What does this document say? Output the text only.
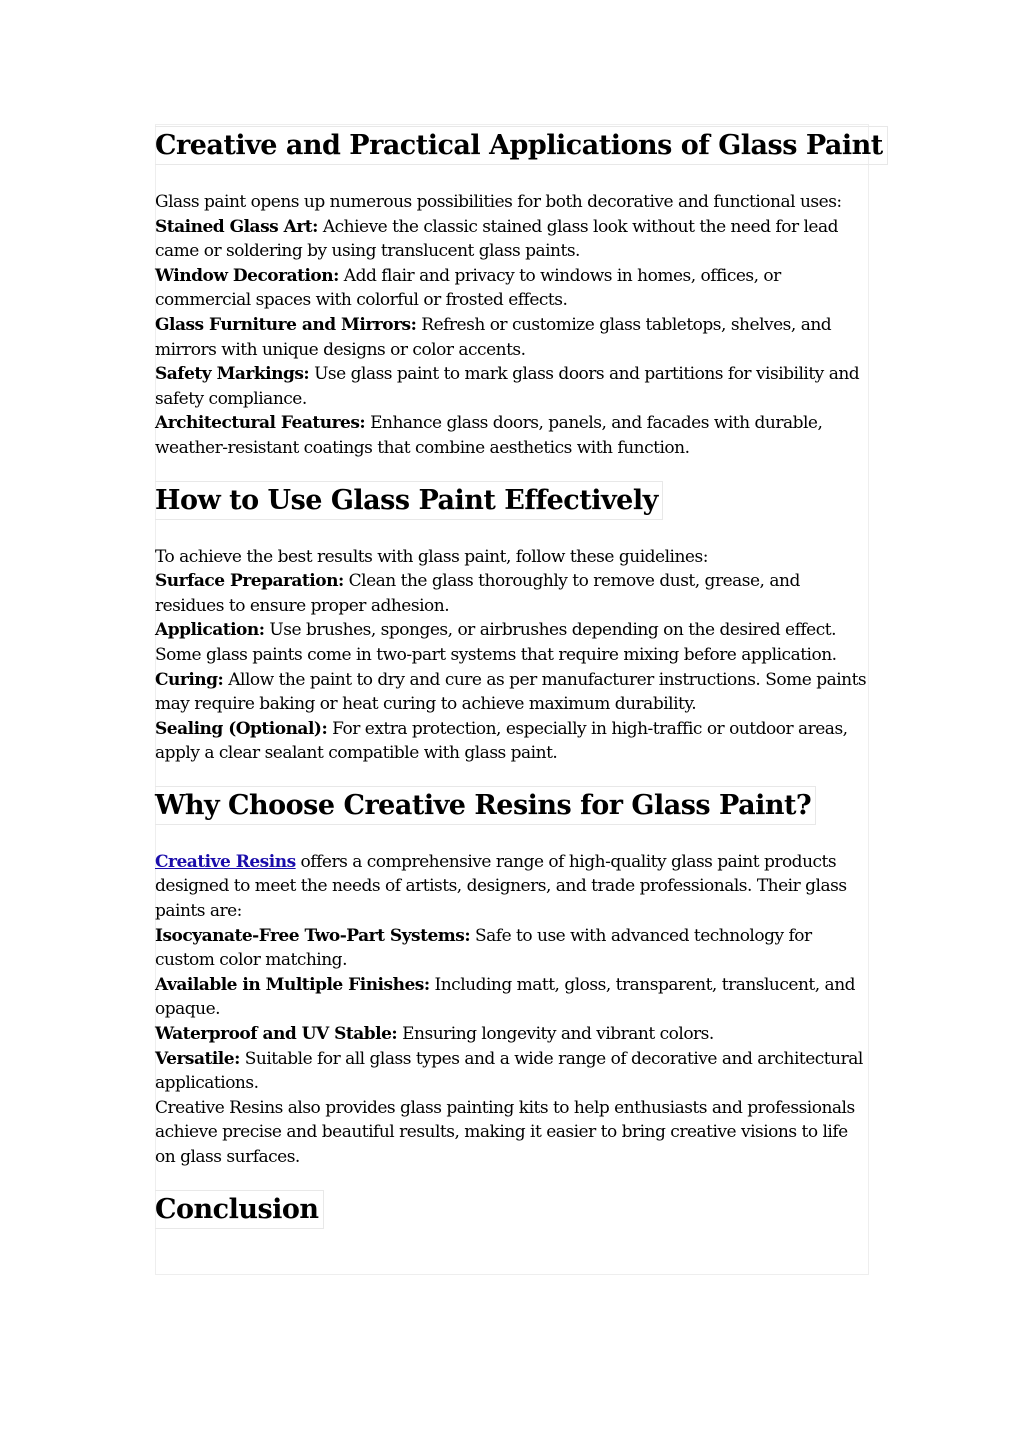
Creative and Practical Applications of Glass Paint

Glass paint opens up numerous possibilities for both decorative and functional uses:

Stained Glass Art: Achieve the classic stained glass look without the need for lead came or soldering by using translucent glass paints.

Window Decoration: Add flair and privacy to windows in homes, offices, or commercial spaces with colorful or frosted effects.

Glass Furniture and Mirrors: Refresh or customize glass tabletops, shelves, and mirrors with unique designs or color accents.

Safety Markings: Use glass paint to mark glass doors and partitions for visibility and safety compliance.

Architectural Features: Enhance glass doors, panels, and facades with durable, weather-resistant coatings that combine aesthetics with function.

How to Use Glass Paint Effectively

To achieve the best results with glass paint, follow these guidelines:

Surface Preparation: Clean the glass thoroughly to remove dust, grease, and residues to ensure proper adhesion.

Application: Use brushes, sponges, or airbrushes depending on the desired effect. Some glass paints come in two-part systems that require mixing before application.

Curing: Allow the paint to dry and cure as per manufacturer instructions. Some paints may require baking or heat curing to achieve maximum durability.

Sealing (Optional): For extra protection, especially in high-traffic or outdoor areas, apply a clear sealant compatible with glass paint.

Why Choose Creative Resins for Glass Paint?

Creative Resins offers a comprehensive range of high-quality glass paint products designed to meet the needs of artists, designers, and trade professionals. Their glass paints are:

Isocyanate-Free Two-Part Systems: Safe to use with advanced technology for custom color matching.

Available in Multiple Finishes: Including matt, gloss, transparent, translucent, and opaque.

Waterproof and UV Stable: Ensuring longevity and vibrant colors.

Versatile: Suitable for all glass types and a wide range of decorative and architectural applications.

Creative Resins also provides glass painting kits to help enthusiasts and professionals achieve precise and beautiful results, making it easier to bring creative visions to life on glass surfaces.

Conclusion
